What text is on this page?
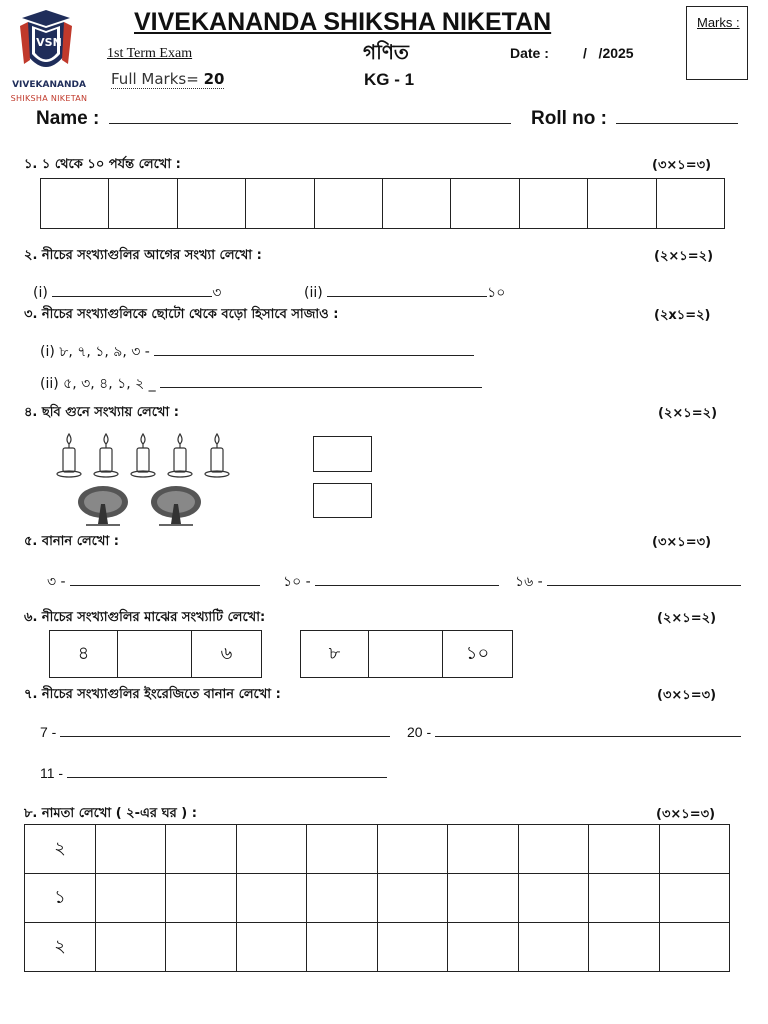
VSN
VIVEKANANDA
SHIKSHA NIKETAN
VIVEKANANDA SHIKSHA NIKETAN
1st Term Exam	গণিত	Date : /   /2025
Full Marks= 20	KG - 1
Marks :
Name :	Roll no :
১. ১ থেকে ১০ পর্যন্ত লেখো :	(৩×১=৩)

২. নীচের সংখ্যাগুলির আগের সংখ্যা লেখো :	(২×১=২)
(i)	৩	(ii)	১০
৩. নীচের সংখ্যাগুলিকে ছোটো থেকে বড়ো হিসাবে সাজাও :	(২x১=২)
(i) ৮, ৭, ১, ৯, ৩ -
(ii) ৫, ৩, ৪, ১, ২ _
৪. ছবি গুনে সংখ্যায় লেখো :	(২×১=২)
৫. বানান লেখো :	(৩×১=৩)
৩ -	১০ -	১৬ -
৬. নীচের সংখ্যাগুলির মাঝের সংখ্যাটি লেখো:	(২×১=২)
৪		৬	৮		১০
৭. নীচের সংখ্যাগুলির ইংরেজিতে বানান লেখো :	(৩×১=৩)
7 -	20 -
11 -
৮. নামতা লেখো ( ২-এর ঘর ) :	(৩×১=৩)
২									
১									
২									
